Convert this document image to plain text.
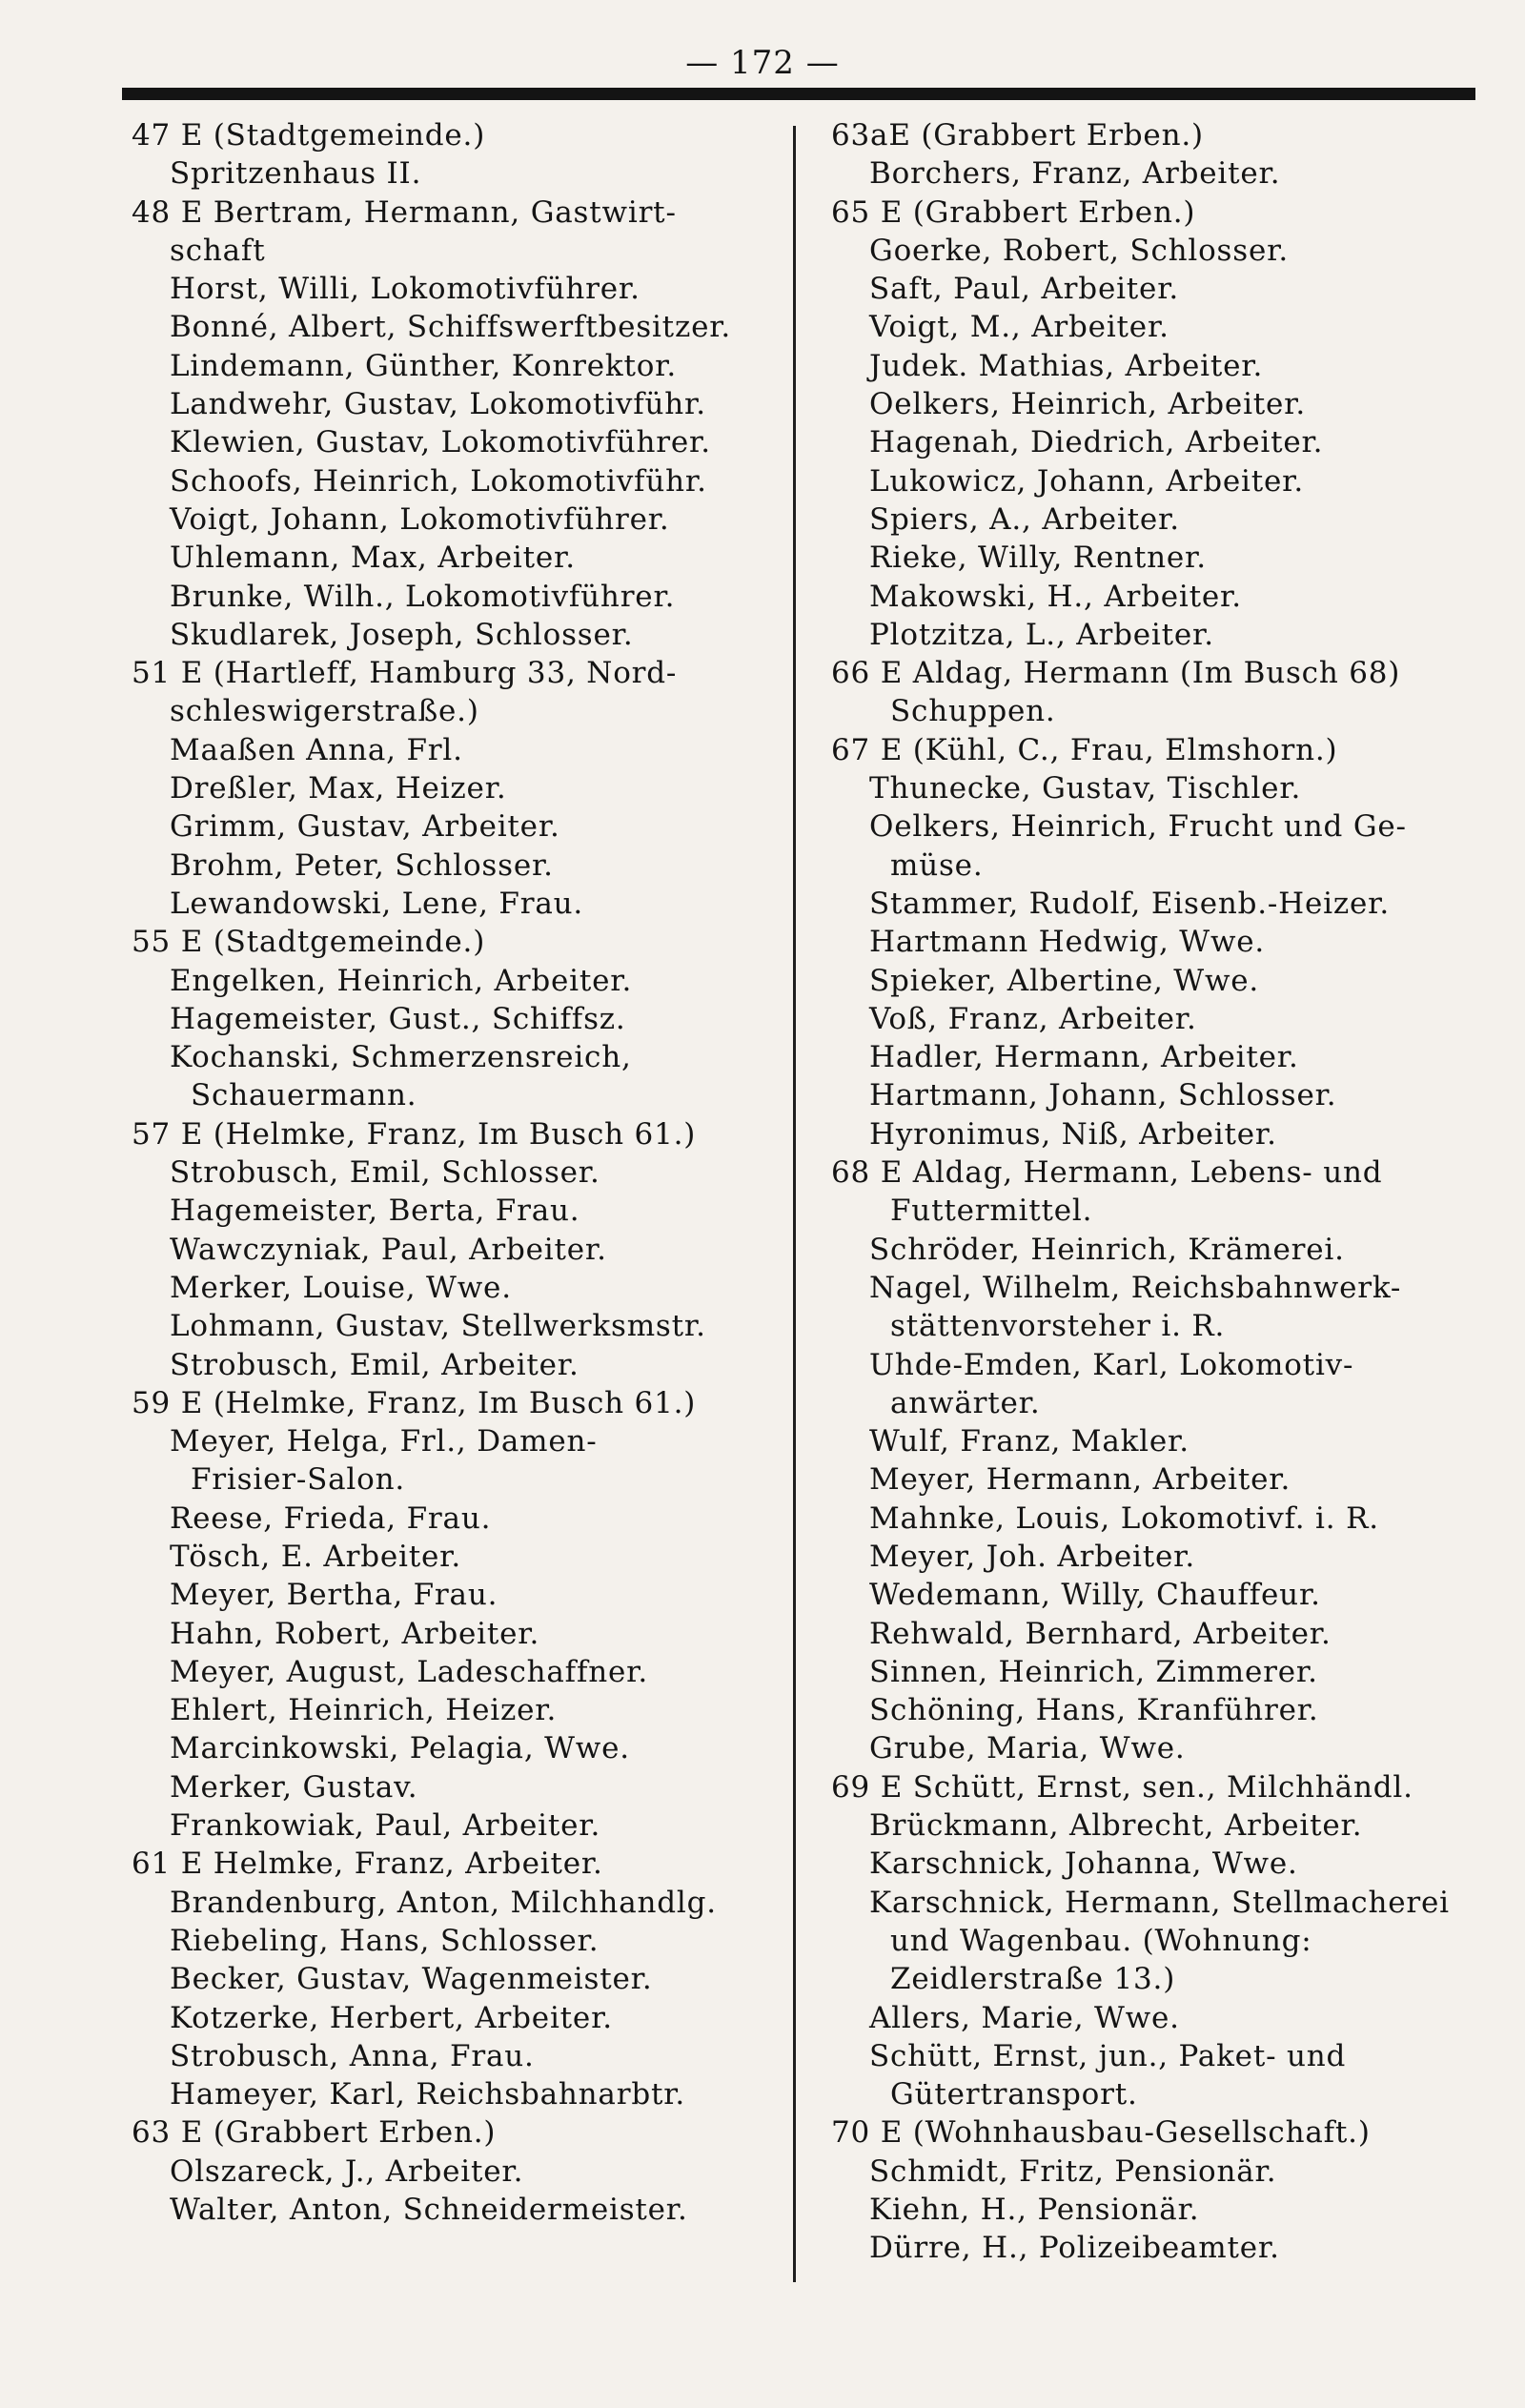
— 172 —
47 E (Stadtgemeinde.)
Spritzenhaus II.
48 E Bertram, Hermann, Gastwirt-
schaft
Horst, Willi, Lokomotivführer.
Bonné, Albert, Schiffswerftbesitzer.
Lindemann, Günther, Konrektor.
Landwehr, Gustav, Lokomotivführ.
Klewien, Gustav, Lokomotivführer.
Schoofs, Heinrich, Lokomotivführ.
Voigt, Johann, Lokomotivführer.
Uhlemann, Max, Arbeiter.
Brunke, Wilh., Lokomotivführer.
Skudlarek, Joseph, Schlosser.
51 E (Hartleff, Hamburg 33, Nord-
schleswigerstraße.)
Maaßen Anna, Frl.
Dreßler, Max, Heizer.
Grimm, Gustav, Arbeiter.
Brohm, Peter, Schlosser.
Lewandowski, Lene, Frau.
55 E (Stadtgemeinde.)
Engelken, Heinrich, Arbeiter.
Hagemeister, Gust., Schiffsz.
Kochanski, Schmerzensreich,
Schauermann.
57 E (Helmke, Franz, Im Busch 61.)
Strobusch, Emil, Schlosser.
Hagemeister, Berta, Frau.
Wawczyniak, Paul, Arbeiter.
Merker, Louise, Wwe.
Lohmann, Gustav, Stellwerksmstr.
Strobusch, Emil, Arbeiter.
59 E (Helmke, Franz, Im Busch 61.)
Meyer, Helga, Frl., Damen-
Frisier-Salon.
Reese, Frieda, Frau.
Tösch, E. Arbeiter.
Meyer, Bertha, Frau.
Hahn, Robert, Arbeiter.
Meyer, August, Ladeschaffner.
Ehlert, Heinrich, Heizer.
Marcinkowski, Pelagia, Wwe.
Merker, Gustav.
Frankowiak, Paul, Arbeiter.
61 E Helmke, Franz, Arbeiter.
Brandenburg, Anton, Milchhandlg.
Riebeling, Hans, Schlosser.
Becker, Gustav, Wagenmeister.
Kotzerke, Herbert, Arbeiter.
Strobusch, Anna, Frau.
Hameyer, Karl, Reichsbahnarbtr.
63 E (Grabbert Erben.)
Olszareck, J., Arbeiter.
Walter, Anton, Schneidermeister.
63aE (Grabbert Erben.)
Borchers, Franz, Arbeiter.
65 E (Grabbert Erben.)
Goerke, Robert, Schlosser.
Saft, Paul, Arbeiter.
Voigt, M., Arbeiter.
Judek. Mathias, Arbeiter.
Oelkers, Heinrich, Arbeiter.
Hagenah, Diedrich, Arbeiter.
Lukowicz, Johann, Arbeiter.
Spiers, A., Arbeiter.
Rieke, Willy, Rentner.
Makowski, H., Arbeiter.
Plotzitza, L., Arbeiter.
66 E Aldag, Hermann (Im Busch 68)
Schuppen.
67 E (Kühl, C., Frau, Elmshorn.)
Thunecke, Gustav, Tischler.
Oelkers, Heinrich, Frucht und Ge-
müse.
Stammer, Rudolf, Eisenb.-Heizer.
Hartmann Hedwig, Wwe.
Spieker, Albertine, Wwe.
Voß, Franz, Arbeiter.
Hadler, Hermann, Arbeiter.
Hartmann, Johann, Schlosser.
Hyronimus, Niß, Arbeiter.
68 E Aldag, Hermann, Lebens- und
Futtermittel.
Schröder, Heinrich, Krämerei.
Nagel, Wilhelm, Reichsbahnwerk-
stättenvorsteher i. R.
Uhde-Emden, Karl, Lokomotiv-
anwärter.
Wulf, Franz, Makler.
Meyer, Hermann, Arbeiter.
Mahnke, Louis, Lokomotivf. i. R.
Meyer, Joh. Arbeiter.
Wedemann, Willy, Chauffeur.
Rehwald, Bernhard, Arbeiter.
Sinnen, Heinrich, Zimmerer.
Schöning, Hans, Kranführer.
Grube, Maria, Wwe.
69 E Schütt, Ernst, sen., Milchhändl.
Brückmann, Albrecht, Arbeiter.
Karschnick, Johanna, Wwe.
Karschnick, Hermann, Stellmacherei
und Wagenbau. (Wohnung:
Zeidlerstraße 13.)
Allers, Marie, Wwe.
Schütt, Ernst, jun., Paket- und
Gütertransport.
70 E (Wohnhausbau-Gesellschaft.)
Schmidt, Fritz, Pensionär.
Kiehn, H., Pensionär.
Dürre, H., Polizeibeamter.
